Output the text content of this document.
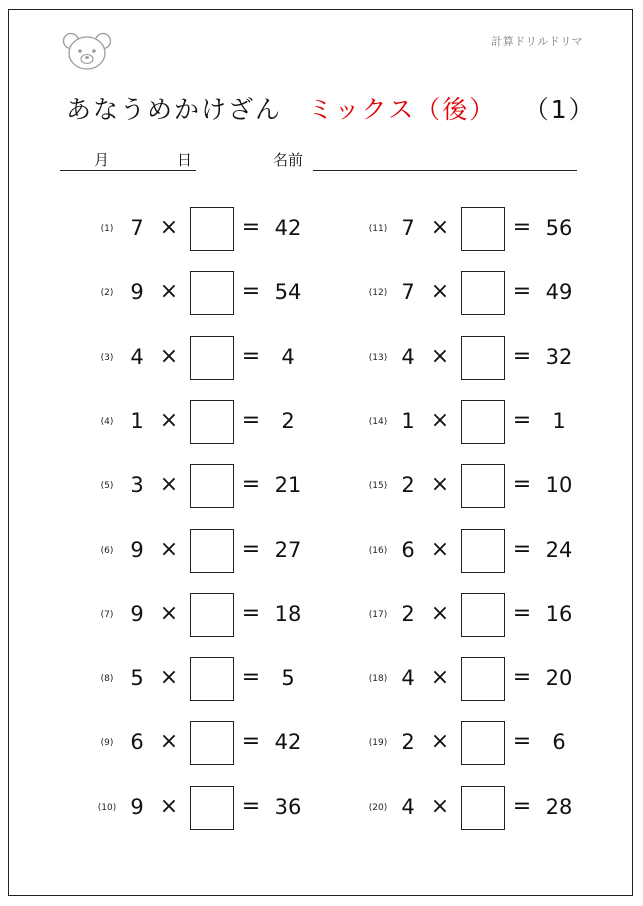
計算ドリルドリマ
あなうめかけざん ミックス（後） （1）
月	日	名前
(1) 7 ×	= 42
(2) 9 ×	= 54
(3) 4 ×	=	4
(4) 1 ×	=	2
(5) 3 ×	= 21
(6) 9 ×	= 27
(7) 9 ×	= 18
(8) 5 ×	=	5
(9) 6 ×	= 42
(10) 9 ×	= 36
(11) 7 ×	= 56
(12) 7 ×	= 49
(13) 4 ×	= 32
(14) 1 ×	=	1
(15) 2 ×	= 10
(16) 6 ×	= 24
(17) 2 ×	= 16
(18) 4 ×	= 20
(19) 2 ×	=	6
(20) 4 ×	= 28
